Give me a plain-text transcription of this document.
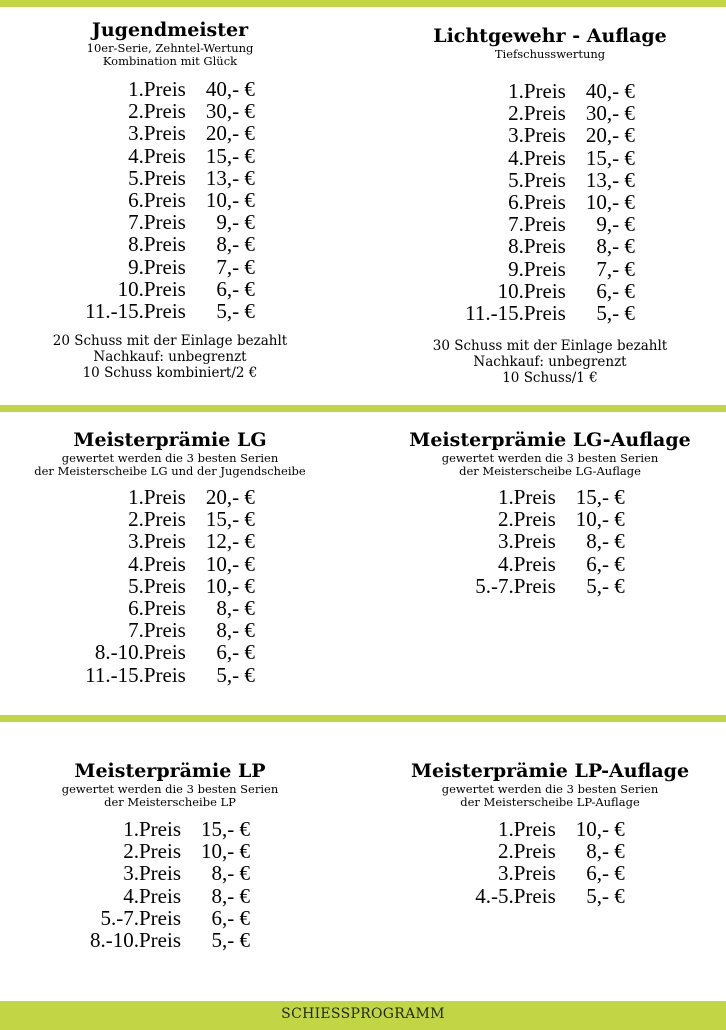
Jugendmeister
10er-Serie, Zehntel-Wertung
Kombination mit Glück
1.Preis	40,- €
2.Preis	30,- €
3.Preis	20,- €
4.Preis	15,- €
5.Preis	13,- €
6.Preis	10,- €
7.Preis	9,- €
8.Preis	8,- €
9.Preis	7,- €
10.Preis	6,- €
11.-15.Preis	5,- €
20 Schuss mit der Einlage bezahlt
Nachkauf: unbegrenzt
10 Schuss kombiniert/2 €
Lichtgewehr - Auflage
Tiefschusswertung
1.Preis	40,- €
2.Preis	30,- €
3.Preis	20,- €
4.Preis	15,- €
5.Preis	13,- €
6.Preis	10,- €
7.Preis	9,- €
8.Preis	8,- €
9.Preis	7,- €
10.Preis	6,- €
11.-15.Preis	5,- €
30 Schuss mit der Einlage bezahlt
Nachkauf: unbegrenzt
10 Schuss/1 €
Meisterprämie LG
gewertet werden die 3 besten Serien
der Meisterscheibe LG und der Jugendscheibe
1.Preis	20,- €
2.Preis	15,- €
3.Preis	12,- €
4.Preis	10,- €
5.Preis	10,- €
6.Preis	8,- €
7.Preis	8,- €
8.-10.Preis	6,- €
11.-15.Preis	5,- €
Meisterprämie LG-Auflage
gewertet werden die 3 besten Serien
der Meisterscheibe LG-Auflage
1.Preis	15,- €
2.Preis	10,- €
3.Preis	8,- €
4.Preis	6,- €
5.-7.Preis	5,- €
Meisterprämie LP
gewertet werden die 3 besten Serien
der Meisterscheibe LP
1.Preis	15,- €
2.Preis	10,- €
3.Preis	8,- €
4.Preis	8,- €
5.-7.Preis	6,- €
8.-10.Preis	5,- €
Meisterprämie LP-Auflage
gewertet werden die 3 besten Serien
der Meisterscheibe LP-Auflage
1.Preis	10,- €
2.Preis	8,- €
3.Preis	6,- €
4.-5.Preis	5,- €
SCHIESSPROGRAMM
